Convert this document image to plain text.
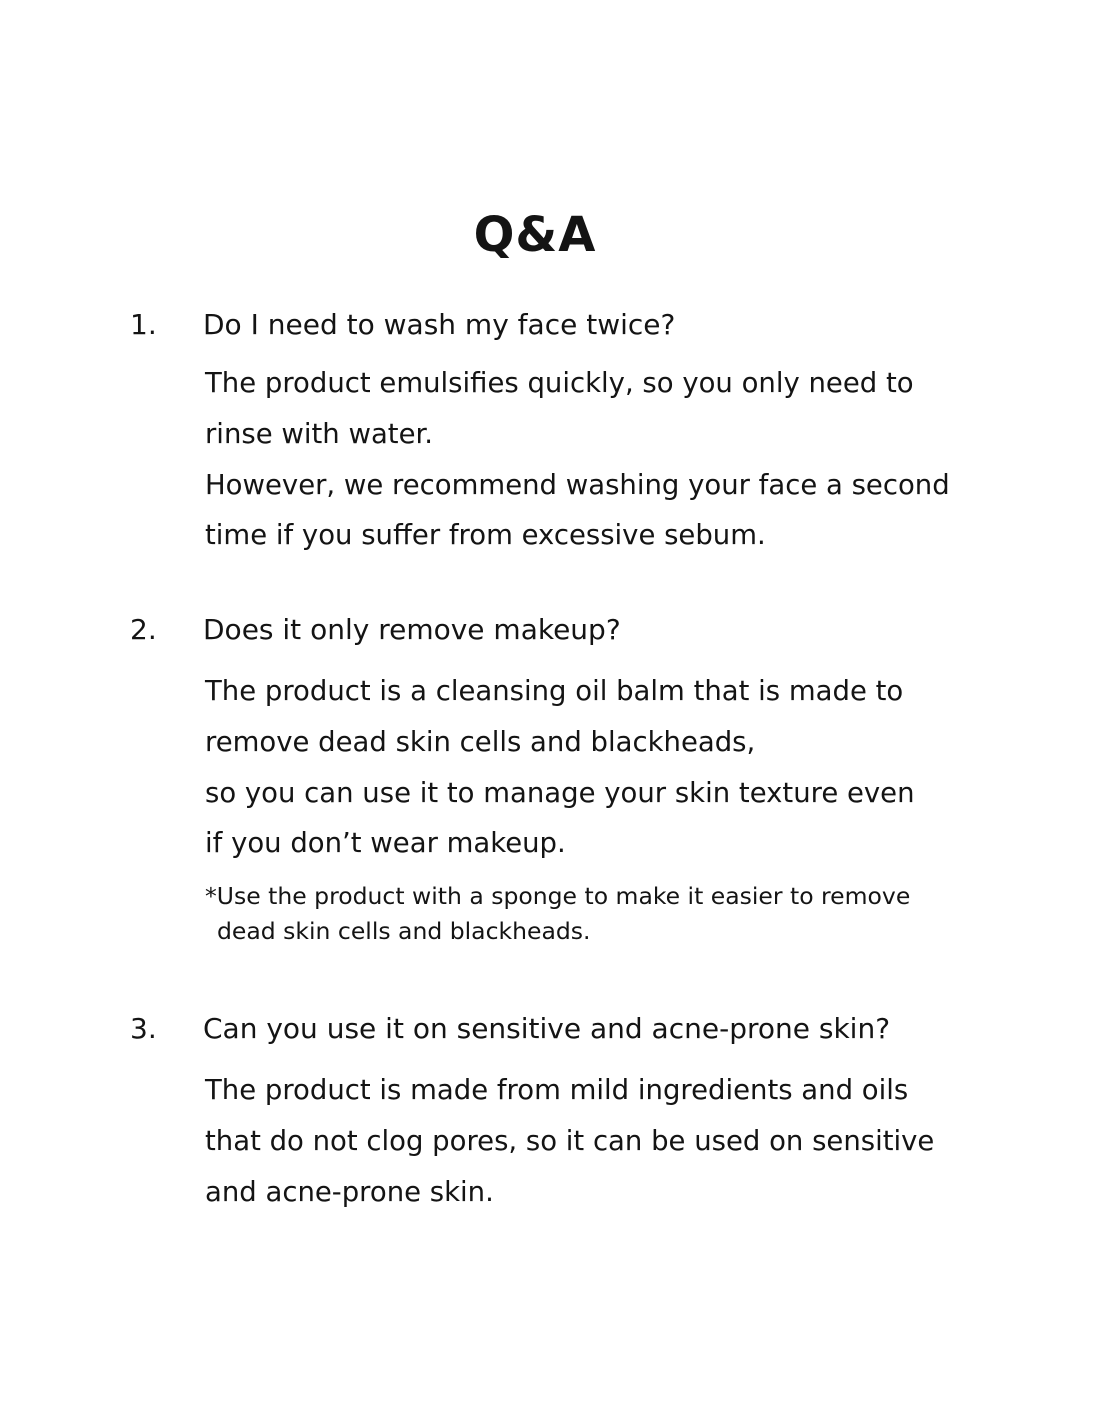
Q&A
1. Do I need to wash my face twice?
The product emulsifies quickly, so you only need to
rinse with water.
However, we recommend washing your face a second
time if you suffer from excessive sebum.
2. Does it only remove makeup?
The product is a cleansing oil balm that is made to
remove dead skin cells and blackheads,
so you can use it to manage your skin texture even
if you don’t wear makeup.
*Use the product with a sponge to make it easier to remove
dead skin cells and blackheads.
3. Can you use it on sensitive and acne-prone skin?
The product is made from mild ingredients and oils
that do not clog pores, so it can be used on sensitive
and acne-prone skin.
